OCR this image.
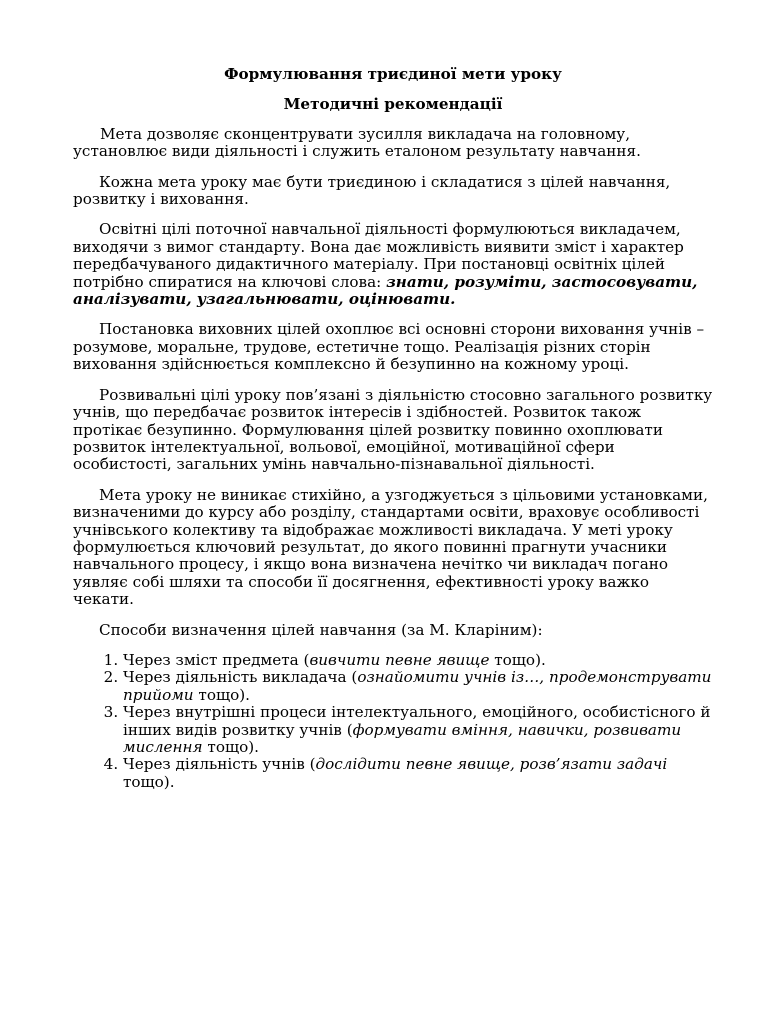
Формулювання триєдиної мети уроку
Методичні рекомендації

Мета дозволяє сконцентрувати зусилля викладача на головному, установлює види діяльності і служить еталоном результату навчання.

Кожна мета уроку має бути триєдиною і складатися з цілей навчання, розвитку і виховання.

Освітні цілі поточної навчальної діяльності формулюються викладачем, виходячи з вимог стандарту. Вона дає можливість виявити зміст і характер передбачуваного дидактичного матеріалу. При постановці освітніх цілей потрібно спиратися на ключові слова: знати, розуміти, застосовувати, аналізувати, узагальнювати, оцінювати.

Постановка виховних цілей охоплює всі основні сторони виховання учнів – розумове, моральне, трудове, естетичне тощо. Реалізація різних сторін виховання здійснюється комплексно й безупинно на кожному уроці.

Розвивальні цілі уроку пов’язані з діяльністю стосовно загального розвитку учнів, що передбачає розвиток інтересів і здібностей. Розвиток також протікає безупинно. Формулювання цілей розвитку повинно охоплювати розвиток інтелектуальної, вольової, емоційної, мотиваційної сфери особистості, загальних умінь навчально-пізнавальної діяльності.

Мета уроку не виникає стихійно, а узгоджується з цільовими установками, визначеними до курсу або розділу, стандартами освіти, враховує особливості учнівського колективу та відображає можливості викладача. У меті уроку формулюється ключовий результат, до якого повинні прагнути учасники навчального процесу, і якщо вона визначена нечітко чи викладач погано уявляє собі шляхи та способи її досягнення, ефективності уроку важко чекати.

Способи визначення цілей навчання (за М. Кларіним):

1. Через зміст предмета (вивчити певне явище тощо).
2. Через діяльність викладача (ознайомити учнів із…, продемонструвати прийоми тощо).
3. Через внутрішні процеси інтелектуального, емоційного, особистісного й інших видів розвитку учнів (формувати вміння, навички, розвивати мислення тощо).
4. Через діяльність учнів (дослідити певне явище, розв’язати задачі тощо).
